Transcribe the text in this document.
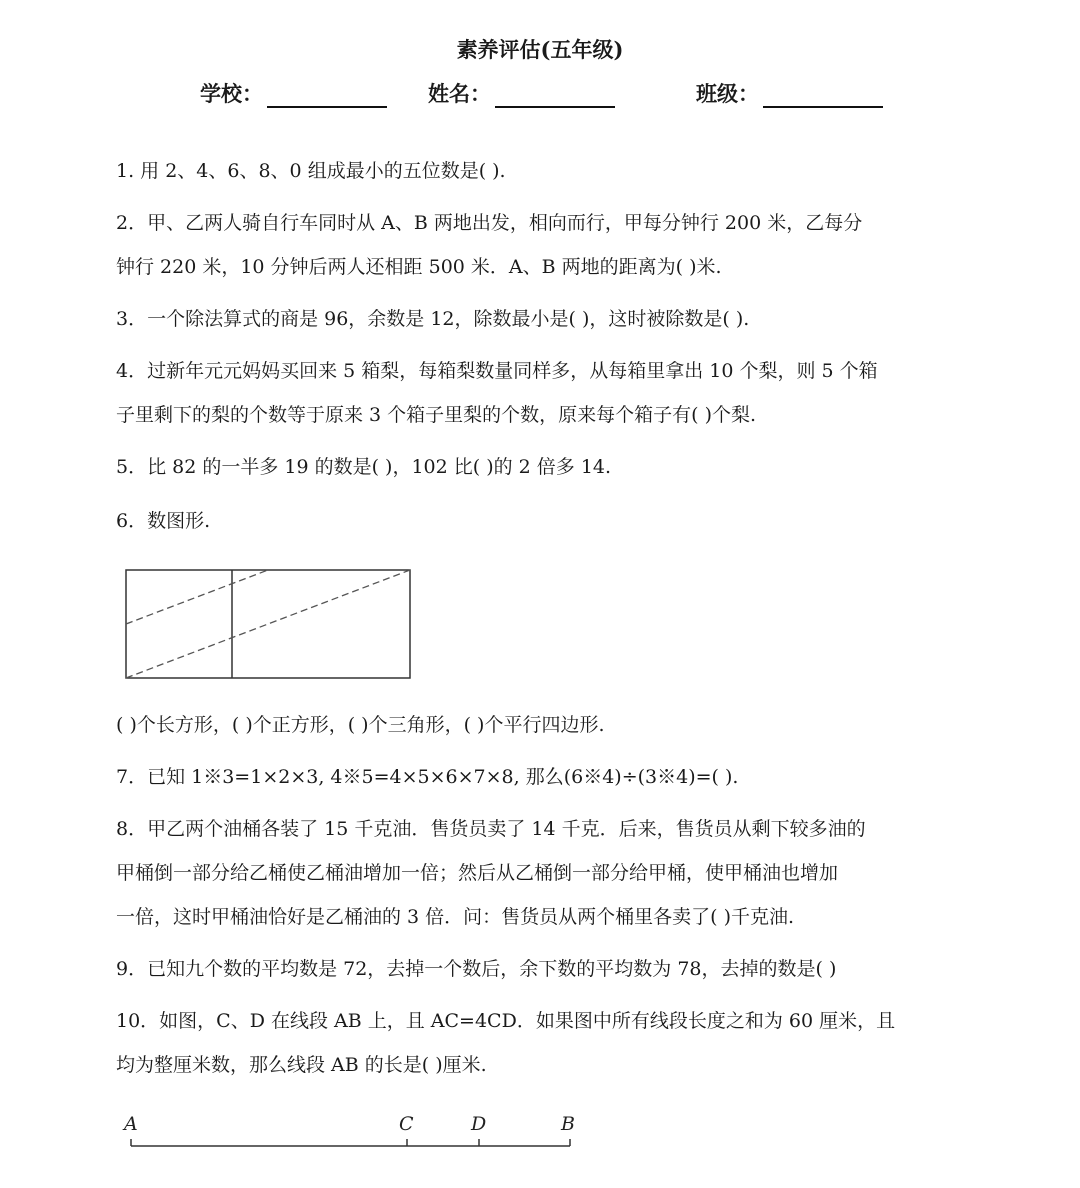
素养评估(五年级)
学校：	姓名：	班级：
1. 用 2、4、6、8、0 组成最小的五位数是( ).
2．甲、乙两人骑自行车同时从 A、B 两地出发，相向而行，甲每分钟行 200 米，乙每分
钟行 220 米，10 分钟后两人还相距 500 米．A、B 两地的距离为( )米.
3．一个除法算式的商是 96，余数是 12，除数最小是( )，这时被除数是( ).
4．过新年元元妈妈买回来 5 箱梨，每箱梨数量同样多，从每箱里拿出 10 个梨，则 5 个箱
子里剩下的梨的个数等于原来 3 个箱子里梨的个数，原来每个箱子有( )个梨.
5．比 82 的一半多 19 的数是( )，102 比( )的 2 倍多 14.
6．数图形.
( )个长方形，( )个正方形，( )个三角形，( )个平行四边形.
7．已知 1※3=1×2×3, 4※5=4×5×6×7×8, 那么(6※4)÷(3※4)=( ).
8．甲乙两个油桶各装了 15 千克油．售货员卖了 14 千克．后来，售货员从剩下较多油的
甲桶倒一部分给乙桶使乙桶油增加一倍；然后从乙桶倒一部分给甲桶，使甲桶油也增加
一倍，这时甲桶油恰好是乙桶油的 3 倍．问：售货员从两个桶里各卖了( )千克油.
9．已知九个数的平均数是 72，去掉一个数后，余下数的平均数为 78，去掉的数是( )
10．如图，C、D 在线段 AB 上，且 AC=4CD．如果图中所有线段长度之和为 60 厘米，且
均为整厘米数，那么线段 AB 的长是( )厘米.
A	C	D	B
